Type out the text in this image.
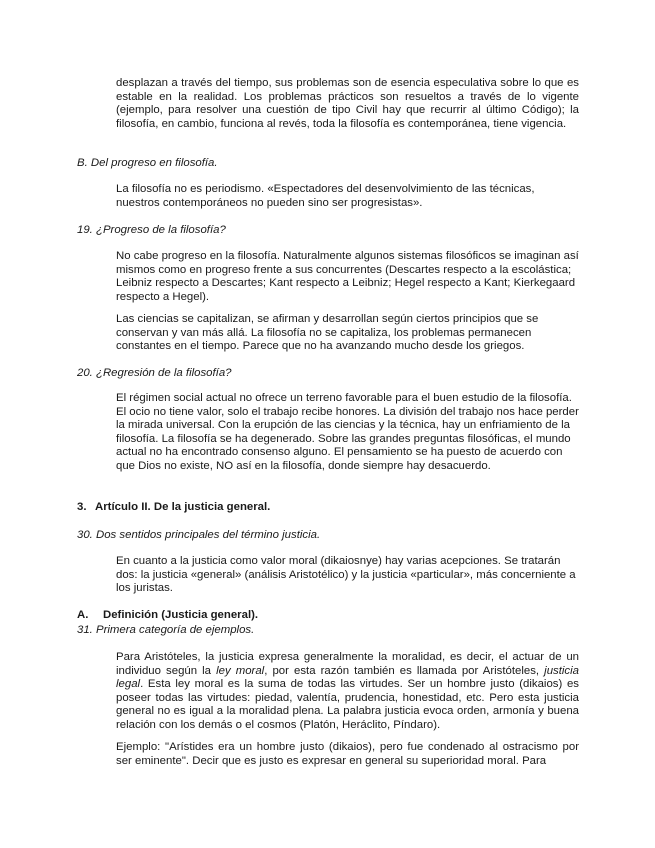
desplazan a través del tiempo, sus problemas son de esencia especulativa sobre lo que es estable en la realidad. Los problemas prácticos son resueltos a través de lo vigente (ejemplo, para resolver una cuestión de tipo Civil hay que recurrir al último Código); la filosofía, en cambio, funciona al revés, toda la filosofía es contemporánea, tiene vigencia.

B. Del progreso en filosofía.

La filosofía no es periodismo. «Espectadores del desenvolvimiento de las técnicas, nuestros contemporáneos no pueden sino ser progresistas».

19. ¿Progreso de la filosofía?

No cabe progreso en la filosofía. Naturalmente algunos sistemas filosóficos se imaginan así mismos como en progreso frente a sus concurrentes (Descartes respecto a la escolástica; Leibniz respecto a Descartes; Kant respecto a Leibniz; Hegel respecto a Kant; Kierkegaard respecto a Hegel).

Las ciencias se capitalizan, se afirman y desarrollan según ciertos principios que se conservan y van más allá. La filosofía no se capitaliza, los problemas permanecen constantes en el tiempo. Parece que no ha avanzando mucho desde los griegos.

20. ¿Regresión de la filosofía?

El régimen social actual no ofrece un terreno favorable para el buen estudio de la filosofía. El ocio no tiene valor, solo el trabajo recibe honores. La división del trabajo nos hace perder la mirada universal. Con la erupción de las ciencias y la técnica, hay un enfriamiento de la filosofía. La filosofía se ha degenerado. Sobre las grandes preguntas filosóficas, el mundo actual no ha encontrado consenso alguno. El pensamiento se ha puesto de acuerdo con que Dios no existe, NO así en la filosofía, donde siempre hay desacuerdo.

3. Artículo II. De la justicia general.

30. Dos sentidos principales del término justicia.

En cuanto a la justicia como valor moral (dikaiosnye) hay varias acepciones. Se tratarán dos: la justicia «general» (análisis Aristotélico) y la justicia «particular», más concerniente a los juristas.

A. Definición (Justicia general).

31. Primera categoría de ejemplos.

Para Aristóteles, la justicia expresa generalmente la moralidad, es decir, el actuar de un individuo según la ley moral, por esta razón también es llamada por Aristóteles, justicia legal. Esta ley moral es la suma de todas las virtudes. Ser un hombre justo (dikaios) es poseer todas las virtudes: piedad, valentía, prudencia, honestidad, etc. Pero esta justicia general no es igual a la moralidad plena. La palabra justicia evoca orden, armonía y buena relación con los demás o el cosmos (Platón, Heráclito, Píndaro).

Ejemplo: "Arístides era un hombre justo (dikaios), pero fue condenado al ostracismo por ser eminente". Decir que es justo es expresar en general su superioridad moral. Para
